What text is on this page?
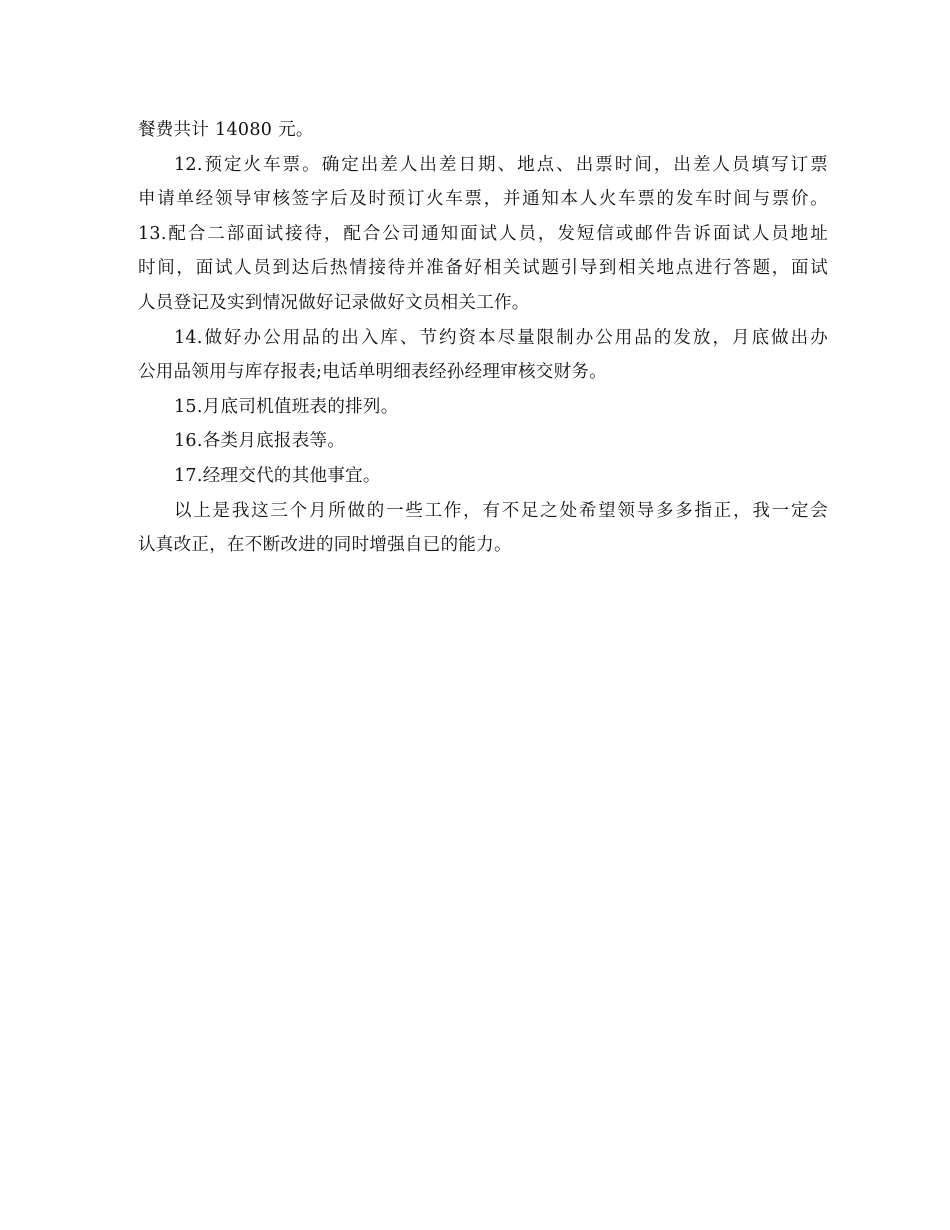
餐费共计 14080 元。
12.预定火车票。确定出差人出差日期、地点、出票时间，出差人员填写订票
申请单经领导审核签字后及时预订火车票，并通知本人火车票的发车时间与票价。
13.配合二部面试接待，配合公司通知面试人员，发短信或邮件告诉面试人员地址
时间，面试人员到达后热情接待并准备好相关试题引导到相关地点进行答题，面试
人员登记及实到情况做好记录做好文员相关工作。
14.做好办公用品的出入库、节约资本尽量限制办公用品的发放，月底做出办
公用品领用与库存报表;电话单明细表经孙经理审核交财务。
15.月底司机值班表的排列。
16.各类月底报表等。
17.经理交代的其他事宜。
以上是我这三个月所做的一些工作，有不足之处希望领导多多指正，我一定会
认真改正，在不断改进的同时增强自已的能力。
